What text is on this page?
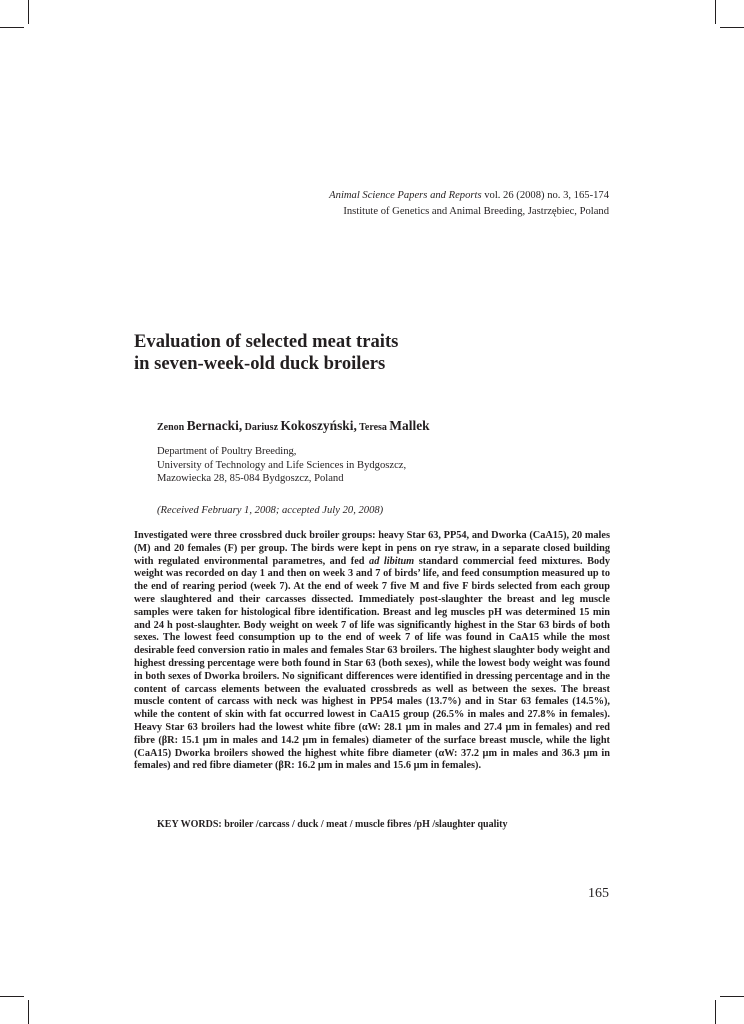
Animal Science Papers and Reports vol. 26 (2008) no. 3, 165-174
Institute of Genetics and Animal Breeding, Jastrzębiec, Poland
Evaluation of selected meat traits
in seven-week-old duck broilers
Zenon Bernacki, Dariusz Kokoszyński, Teresa Mallek
Department of Poultry Breeding,
University of Technology and Life Sciences in Bydgoszcz,
Mazowiecka 28, 85-084 Bydgoszcz, Poland
(Received February 1, 2008; accepted July 20, 2008)

Investigated were three crossbred duck broiler groups: heavy Star 63, PP54, and Dworka (CaA15), 20 males (M) and 20 females (F) per group. The birds were kept in pens on rye straw, in a separate closed building with regulated environmental parametres, and fed ad libitum standard commercial feed mixtures. Body weight was recorded on day 1 and then on week 3 and 7 of birds’ life, and feed consumption measured up to the end of rearing period (week 7). At the end of week 7 five M and five F birds selected from each group were slaughtered and their carcasses dissected. Immediately post-slaughter the breast and leg muscle samples were taken for histological fibre identification. Breast and leg muscles pH was determined 15 min and 24 h post-slaughter. Body weight on week 7 of life was significantly highest in the Star 63 birds of both sexes. The lowest feed consumption up to the end of week 7 of life was found in CaA15 while the most desirable feed conversion ratio in males and females Star 63 broilers. The highest slaughter body weight and highest dressing percentage were both found in Star 63 (both sexes), while the lowest body weight was found in both sexes of Dworka broilers. No significant differences were identified in dressing percentage and in the content of carcass elements between the evaluated crossbreds as well as between the sexes. The breast muscle content of carcass with neck was highest in PP54 males (13.7%) and in Star 63 females (14.5%), while the content of skin with fat occurred lowest in CaA15 group (26.5% in males and 27.8% in females). Heavy Star 63 broilers had the lowest white fibre (αW: 28.1 µm in males and 27.4 µm in females) and red fibre (βR: 15.1 µm in males and 14.2 µm in females) diameter of the surface breast muscle, while the light (CaA15) Dworka broilers showed the highest white fibre diameter (αW: 37.2 µm in males and 36.3 µm in females) and red fibre diameter (βR: 16.2 µm in males and 15.6 µm in females).

KEY WORDS: broiler /carcass / duck / meat / muscle fibres /pH /slaughter quality
165
